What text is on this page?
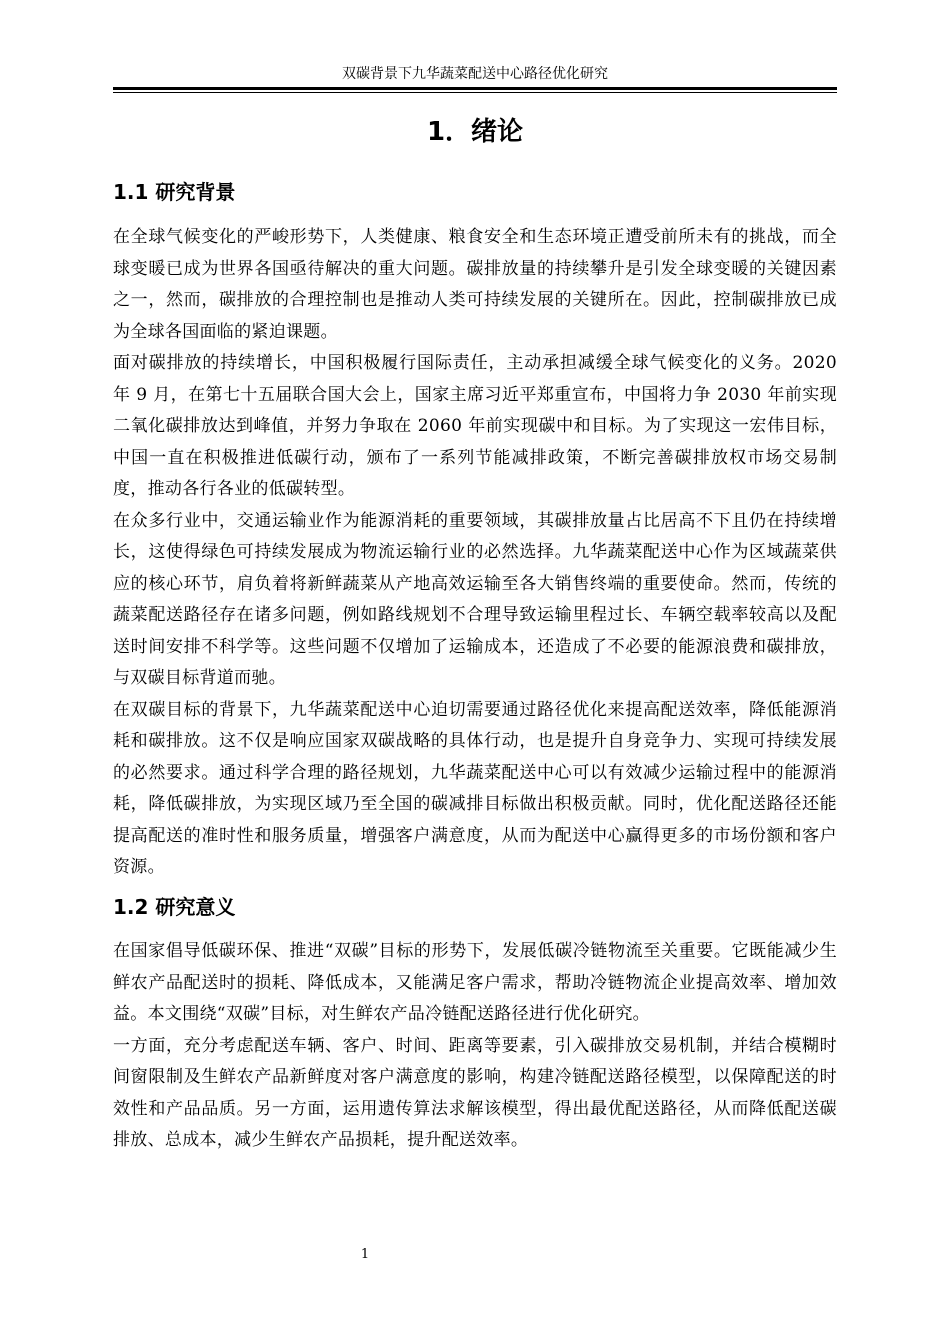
双碳背景下九华蔬菜配送中心路径优化研究
1．绪论
1.1 研究背景

在全球气候变化的严峻形势下，人类健康、粮食安全和生态环境正遭受前所未有的挑战，而全球变暖已成为世界各国亟待解决的重大问题。碳排放量的持续攀升是引发全球变暖的关键因素之一，然而，碳排放的合理控制也是推动人类可持续发展的关键所在。因此，控制碳排放已成为全球各国面临的紧迫课题。

面对碳排放的持续增长，中国积极履行国际责任，主动承担减缓全球气候变化的义务。2020 年 9 月，在第七十五届联合国大会上，国家主席习近平郑重宣布，中国将力争 2030 年前实现二氧化碳排放达到峰值，并努力争取在 2060 年前实现碳中和目标。为了实现这一宏伟目标，中国一直在积极推进低碳行动，颁布了一系列节能减排政策，不断完善碳排放权市场交易制度，推动各行各业的低碳转型。

在众多行业中，交通运输业作为能源消耗的重要领域，其碳排放量占比居高不下且仍在持续增长，这使得绿色可持续发展成为物流运输行业的必然选择。九华蔬菜配送中心作为区域蔬菜供应的核心环节，肩负着将新鲜蔬菜从产地高效运输至各大销售终端的重要使命。然而，传统的蔬菜配送路径存在诸多问题，例如路线规划不合理导致运输里程过长、车辆空载率较高以及配送时间安排不科学等。这些问题不仅增加了运输成本，还造成了不必要的能源浪费和碳排放，与双碳目标背道而驰。

在双碳目标的背景下，九华蔬菜配送中心迫切需要通过路径优化来提高配送效率，降低能源消耗和碳排放。这不仅是响应国家双碳战略的具体行动，也是提升自身竞争力、实现可持续发展的必然要求。通过科学合理的路径规划，九华蔬菜配送中心可以有效减少运输过程中的能源消耗，降低碳排放，为实现区域乃至全国的碳减排目标做出积极贡献。同时，优化配送路径还能提高配送的准时性和服务质量，增强客户满意度，从而为配送中心赢得更多的市场份额和客户资源。

1.2 研究意义

在国家倡导低碳环保、推进“双碳”目标的形势下，发展低碳冷链物流至关重要。它既能减少生鲜农产品配送时的损耗、降低成本，又能满足客户需求，帮助冷链物流企业提高效率、增加效益。本文围绕“双碳”目标，对生鲜农产品冷链配送路径进行优化研究。

一方面，充分考虑配送车辆、客户、时间、距离等要素，引入碳排放交易机制，并结合模糊时间窗限制及生鲜农产品新鲜度对客户满意度的影响，构建冷链配送路径模型，以保障配送的时效性和产品品质。另一方面，运用遗传算法求解该模型，得出最优配送路径，从而降低配送碳排放、总成本，减少生鲜农产品损耗，提升配送效率。

1
